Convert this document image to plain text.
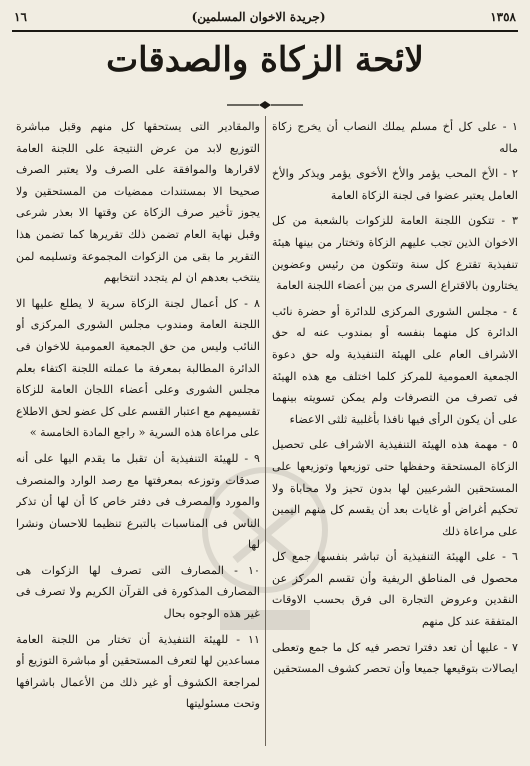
١٦	(جريدة الاخوان المسلمين)	١٣٥٨
لائحة الزكاة والصدقات

١ - على كل أخ مسلم يملك النصاب أن يخرج زكاة ماله

٢ - الأخ المحب يؤمر والأخ الأخوى يؤمر ويذكر والأخ العامل يعتبر عضوا فى لجنة الزكاة العامة

٣ - تتكون اللجنة العامة للزكوات بالشعبة من كل الاخوان الذين تجب عليهم الزكاة وتختار من بينها هيئة تنفيذية تقترع كل سنة وتتكون من رئيس وعضوين يختارون بالاقتراع السرى من بين أعضاء اللجنة العامة

٤ - مجلس الشورى المركزى للدائرة أو حضرة نائب الدائرة كل منهما بنفسه أو بمندوب عنه له حق الاشراف العام على الهيئة التنفيذية وله حق دعوة الجمعية العمومية للمركز كلما اختلف مع هذه الهيئة فى تصرف من التصرفات ولم يمكن تسويته بينهما على أن يكون الرأى فيها نافذا بأغلبية ثلثى الاعضاء

٥ - مهمة هذه الهيئة التنفيذية الاشراف على تحصيل الزكاة المستحقة وحفظها حتى توزيعها وتوزيعها على المستحقين الشرعيين لها بدون تحيز ولا محاباة ولا تحكيم أغراض أو غايات بعد أن يقسم كل منهم اليمين على مراعاة ذلك

٦ - على الهيئة التنفيذية أن تباشر بنفسها جمع كل محصول فى المناطق الريفية وأن تقسم المركز عن النقدين وعروض التجارة الى فرق بحسب الاوقات المتفقة عند كل منهم

٧ - عليها أن تعد دفترا تحصر فيه كل ما جمع وتعطى ايصالات بتوقيعها جميعا وأن تحصر كشوف المستحقين

والمقادير التى يستحقها كل منهم وقبل مباشرة التوزيع لابد من عرض النتيجة على اللجنة العامة لاقرارها والموافقة على الصرف ولا يعتبر الصرف صحيحا الا بمستندات ممضيات من المستحقين ولا يجوز تأخير صرف الزكاة عن وقتها الا بعذر شرعى وقبل نهاية العام تضمن ذلك تقريرها كما تضمن هذا التقرير ما بقى من الزكوات المجموعة وتسليمه لمن ينتخب بعدهم ان لم يتجدد انتخابهم

٨ - كل أعمال لجنة الزكاة سرية لا يطلع عليها الا اللجنة العامة ومندوب مجلس الشورى المركزى أو النائب وليس من حق الجمعية العمومية للاخوان فى الدائرة المطالبة بمعرفة ما عملته اللجنة اكتفاء بعلم مجلس الشورى وعلى أعضاء اللجان العامة للزكاة تقسيمهم مع اعتبار القسم على كل عضو لحق الاطلاع على مراعاة هذه السرية « راجع المادة الخامسة »

٩ - للهيئة التنفيذية أن تقبل ما يقدم اليها على أنه صدقات وتوزعه بمعرفتها مع رصد الوارد والمنصرف والمورد والمصرف فى دفتر خاص كا أن لها أن تذكر الناس فى المناسبات بالتبرع تنظيما للاحسان ونشرا لها

١٠ - المصارف التى تصرف لها الزكوات هى المصارف المذكورة فى القرآن الكريم ولا تصرف فى غير هذه الوجوه بحال

١١ - للهيئة التنفيذية أن تختار من اللجنة العامة مساعدين لها لتعرف المستحقين أو مباشرة التوزيع أو لمراجعة الكشوف أو غير ذلك من الأعمال باشرافها وتحت مسئوليتها
